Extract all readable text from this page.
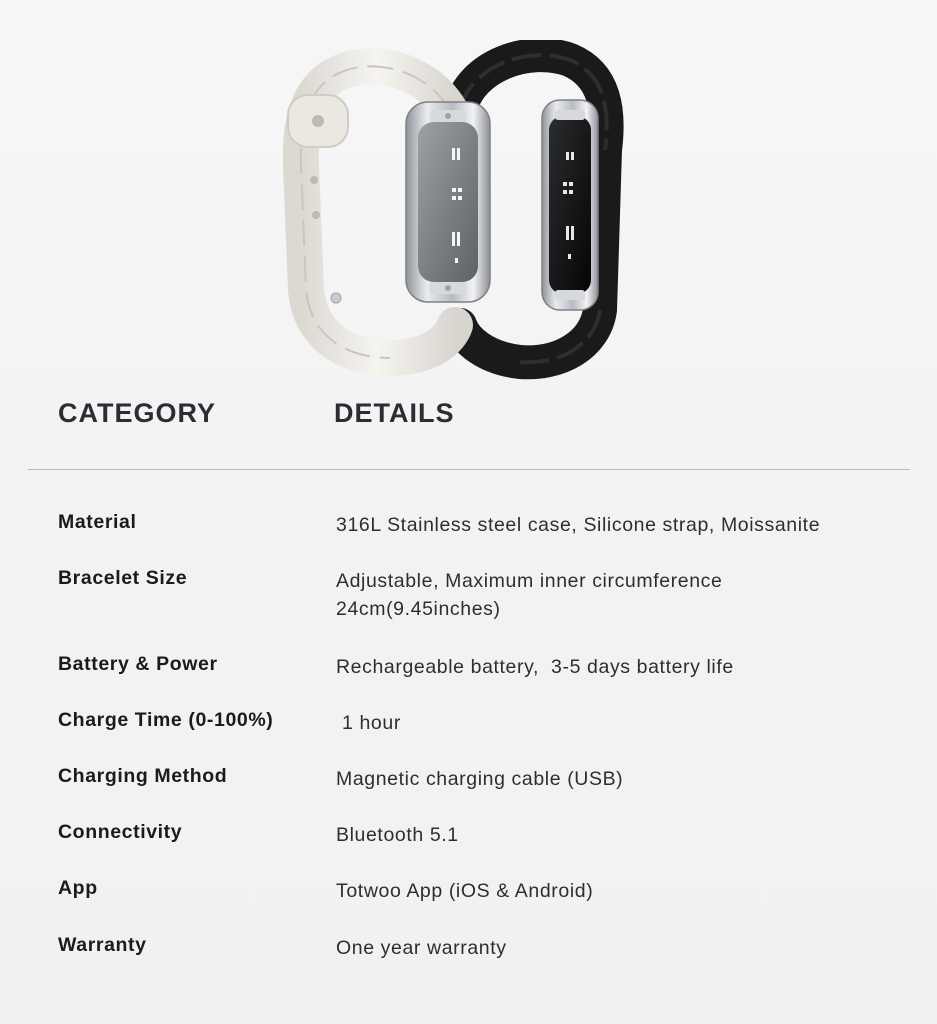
CATEGORY	DETAILS
Material	316L Stainless steel case, Silicone strap, Moissanite
Bracelet Size	Adjustable, Maximum inner circumference 24cm(9.45inches)
Battery & Power	Rechargeable battery,  3-5 days battery life
Charge Time (0-100%)	1 hour
Charging Method	Magnetic charging cable (USB)
Connectivity	Bluetooth 5.1
App	Totwoo App (iOS & Android)
Warranty	One year warranty
